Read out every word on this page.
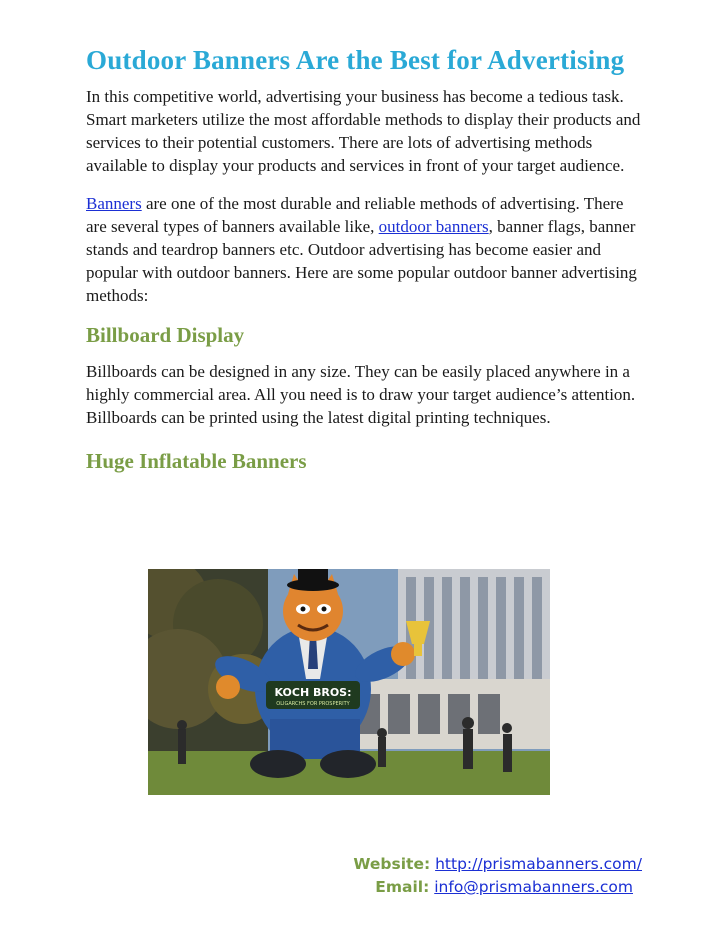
Outdoor Banners Are the Best for Advertising

In this competitive world, advertising your business has become a tedious task. Smart marketers utilize the most affordable methods to display their products and services to their potential customers. There are lots of advertising methods available to display your products and services in front of your target audience.

Banners are one of the most durable and reliable methods of advertising. There are several types of banners available like, outdoor banners, banner flags, banner stands and teardrop banners etc. Outdoor advertising has become easier and popular with outdoor banners. Here are some popular outdoor banner advertising methods:

Billboard Display

Billboards can be designed in any size. They can be easily placed anywhere in a highly commercial area. All you need is to draw your target audience’s attention. Billboards can be printed using the latest digital printing techniques.

Huge Inflatable Banners
KOCH BROS:
OLIGARCHS FOR PROSPERITY
Website: http://prismabanners.com/
Email: info@prismabanners.com
